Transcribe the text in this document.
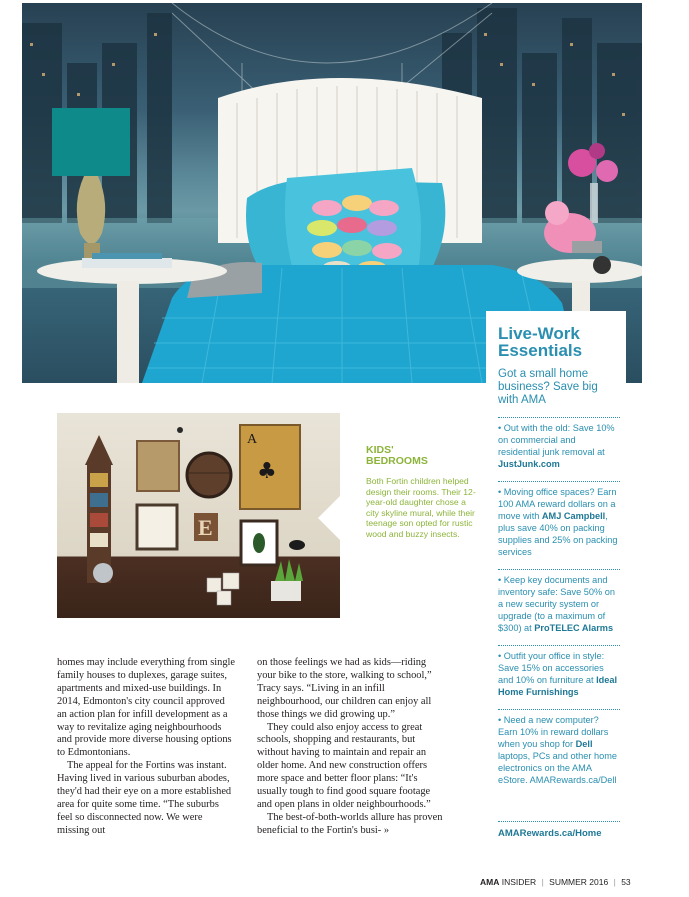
Live-Work
Essentials

Got a small home business? Save big with AMA

• Out with the old: Save 10% on commercial and residential junk removal at JustJunk.com
• Moving office spaces? Earn 100 AMA reward dollars on a move with AMJ Campbell, plus save 40% on packing supplies and 25% on packing services
• Keep key documents and inventory safe: Save 50% on a new security system or upgrade (to a maximum of $300) at ProTELEC Alarms
• Outfit your office in style: Save 15% on accessories and 10% on furniture at Ideal Home Furnishings
• Need a new computer? Earn 10% in reward dollars when you shop for Dell laptops, PCs and other home electronics on the AMA eStore. AMARewards.ca/Dell
AMARewards.ca/Home
A
♣
E
KIDS'
BEDROOMS

Both Fortin children helped design their rooms. Their 12-year-old daughter chose a city skyline mural, while their teenage son opted for rustic wood and buzzy insects.

homes may include everything from single family houses to duplexes, garage suites, apartments and mixed-use buildings. In 2014, Edmonton's city council approved an action plan for infill development as a way to revitalize aging neighbourhoods and provide more diverse housing options to Edmontonians.

The appeal for the Fortins was instant. Having lived in various suburban abodes, they'd had their eye on a more established area for quite some time. “The suburbs feel so disconnected now. We were missing out

on those feelings we had as kids—riding your bike to the store, walking to school,” Tracy says. “Living in an infill neighbourhood, our children can enjoy all those things we did growing up.”

They could also enjoy access to great schools, shopping and restaurants, but without having to maintain and repair an older home. And new construction offers more space and better floor plans: “It's usually tough to find good square footage and open plans in older neighbourhoods.”

The best-of-both-worlds allure has proven beneficial to the Fortin's busi- »

AMA INSIDER | SUMMER 2016 | 53
